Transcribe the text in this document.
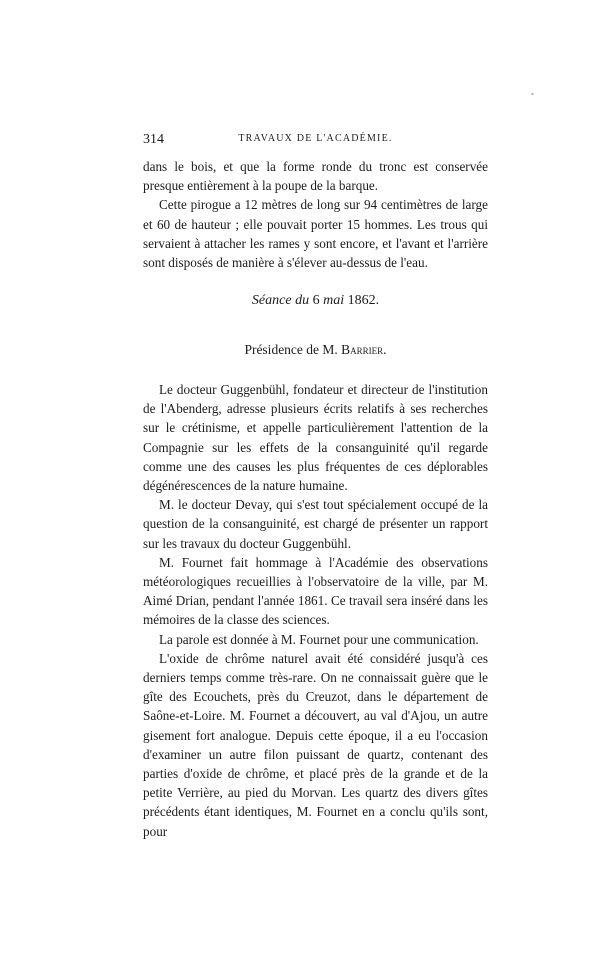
314	TRAVAUX DE L'ACADÉMIE.

dans le bois, et que la forme ronde du tronc est conservée presque entièrement à la poupe de la barque.

Cette pirogue a 12 mètres de long sur 94 centimètres de large et 60 de hauteur ; elle pouvait porter 15 hommes. Les trous qui servaient à attacher les rames y sont encore, et l'avant et l'arrière sont disposés de manière à s'élever au-dessus de l'eau.

Séance du 6 mai 1862.
Présidence de M. Barrier.

Le docteur Guggenbühl, fondateur et directeur de l'institution de l'Abenderg, adresse plusieurs écrits relatifs à ses recherches sur le crétinisme, et appelle particulièrement l'attention de la Compagnie sur les effets de la consanguinité qu'il regarde comme une des causes les plus fréquentes de ces déplorables dégénérescences de la nature humaine.

M. le docteur Devay, qui s'est tout spécialement occupé de la question de la consanguinité, est chargé de présenter un rapport sur les travaux du docteur Guggenbühl.

M. Fournet fait hommage à l'Académie des observations météorologiques recueillies à l'observatoire de la ville, par M. Aimé Drian, pendant l'année 1861. Ce travail sera inséré dans les mémoires de la classe des sciences.

La parole est donnée à M. Fournet pour une communication.

L'oxide de chrôme naturel avait été considéré jusqu'à ces derniers temps comme très-rare. On ne connaissait guère que le gîte des Ecouchets, près du Creuzot, dans le département de Saône-et-Loire. M. Fournet a découvert, au val d'Ajou, un autre gisement fort analogue. Depuis cette époque, il a eu l'occasion d'examiner un autre filon puissant de quartz, contenant des parties d'oxide de chrôme, et placé près de la grande et de la petite Verrière, au pied du Morvan. Les quartz des divers gîtes précédents étant identiques, M. Fournet en a conclu qu'ils sont, pour
